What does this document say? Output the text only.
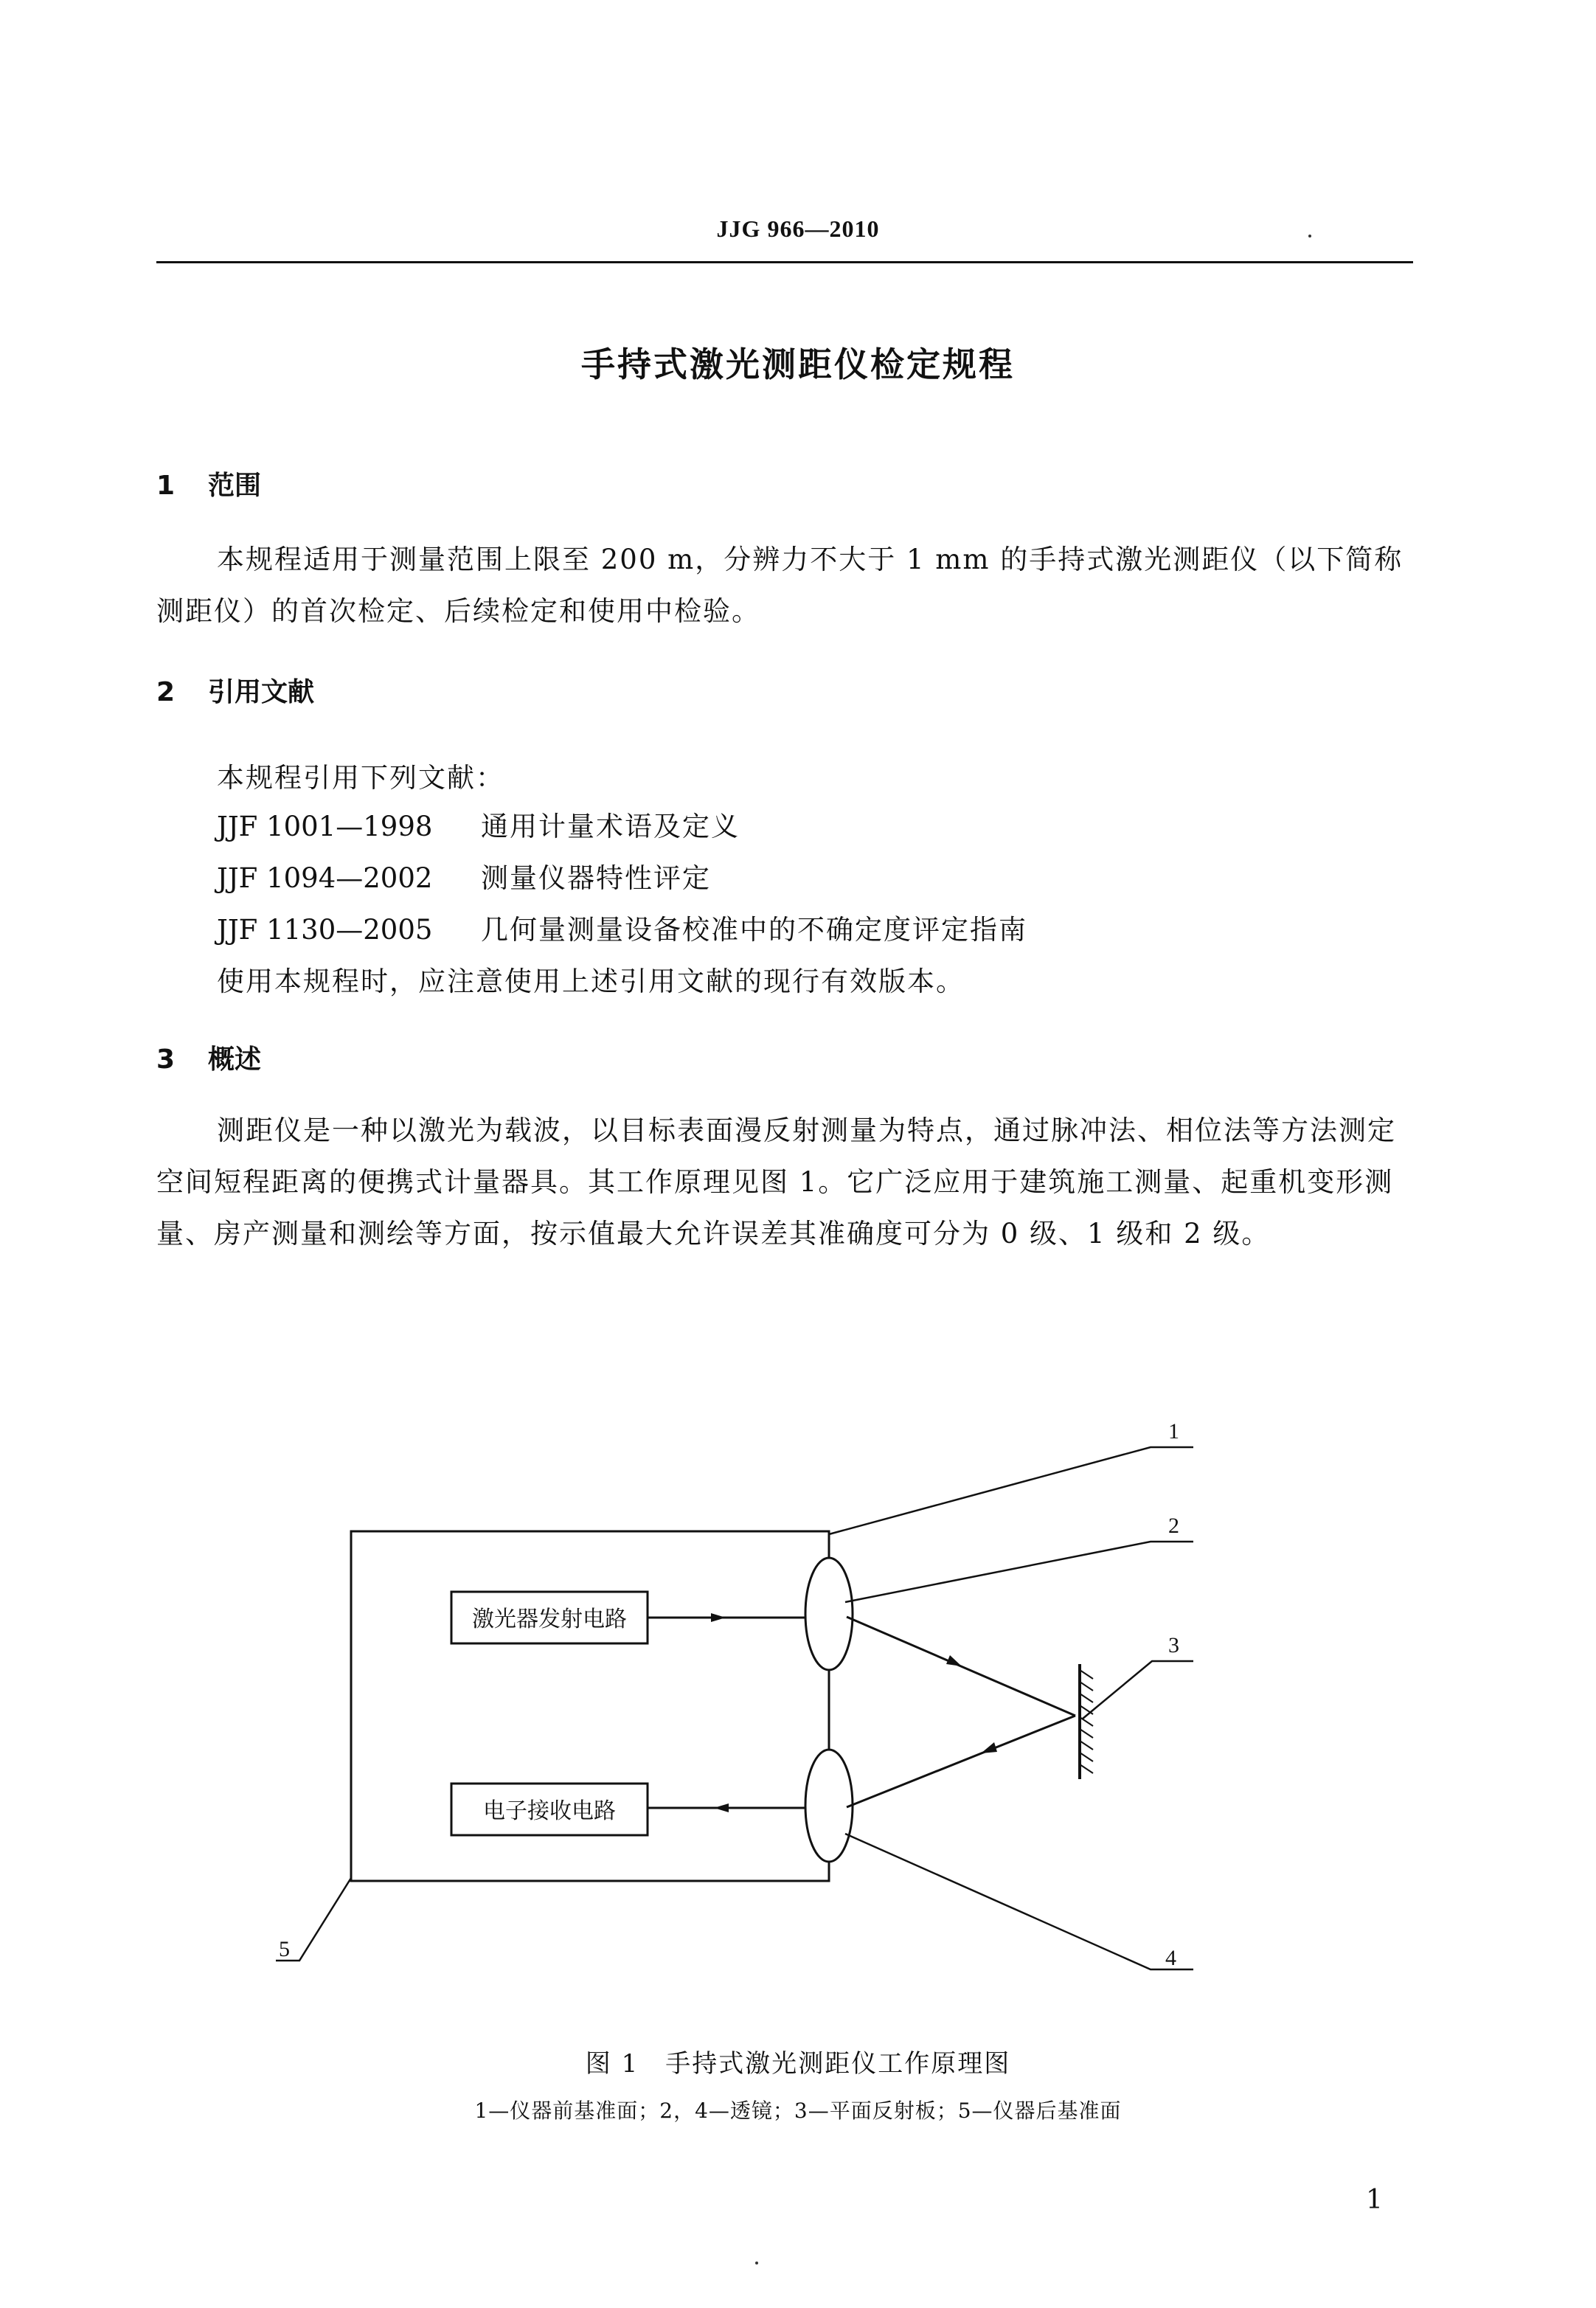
JJG 966—2010
手持式激光测距仪检定规程
1 范围
本规程适用于测量范围上限至 200 m，分辨力不大于 1 mm 的手持式激光测距仪（以下简称测距仪）的首次检定、后续检定和使用中检验。
2 引用文献
本规程引用下列文献：
JJF 1001—1998 通用计量术语及定义
JJF 1094—2002 测量仪器特性评定
JJF 1130—2005 几何量测量设备校准中的不确定度评定指南
使用本规程时，应注意使用上述引用文献的现行有效版本。
3 概述
测距仪是一种以激光为载波，以目标表面漫反射测量为特点，通过脉冲法、相位法等方法测定空间短程距离的便携式计量器具。其工作原理见图 1。它广泛应用于建筑施工测量、起重机变形测量、房产测量和测绘等方面，按示值最大允许误差其准确度可分为 0 级、1 级和 2 级。
激光器发射电路
电子接收电路
1
2
3
4
5
图 1　手持式激光测距仪工作原理图
1—仪器前基准面；2，4—透镜；3—平面反射板；5—仪器后基准面
1
